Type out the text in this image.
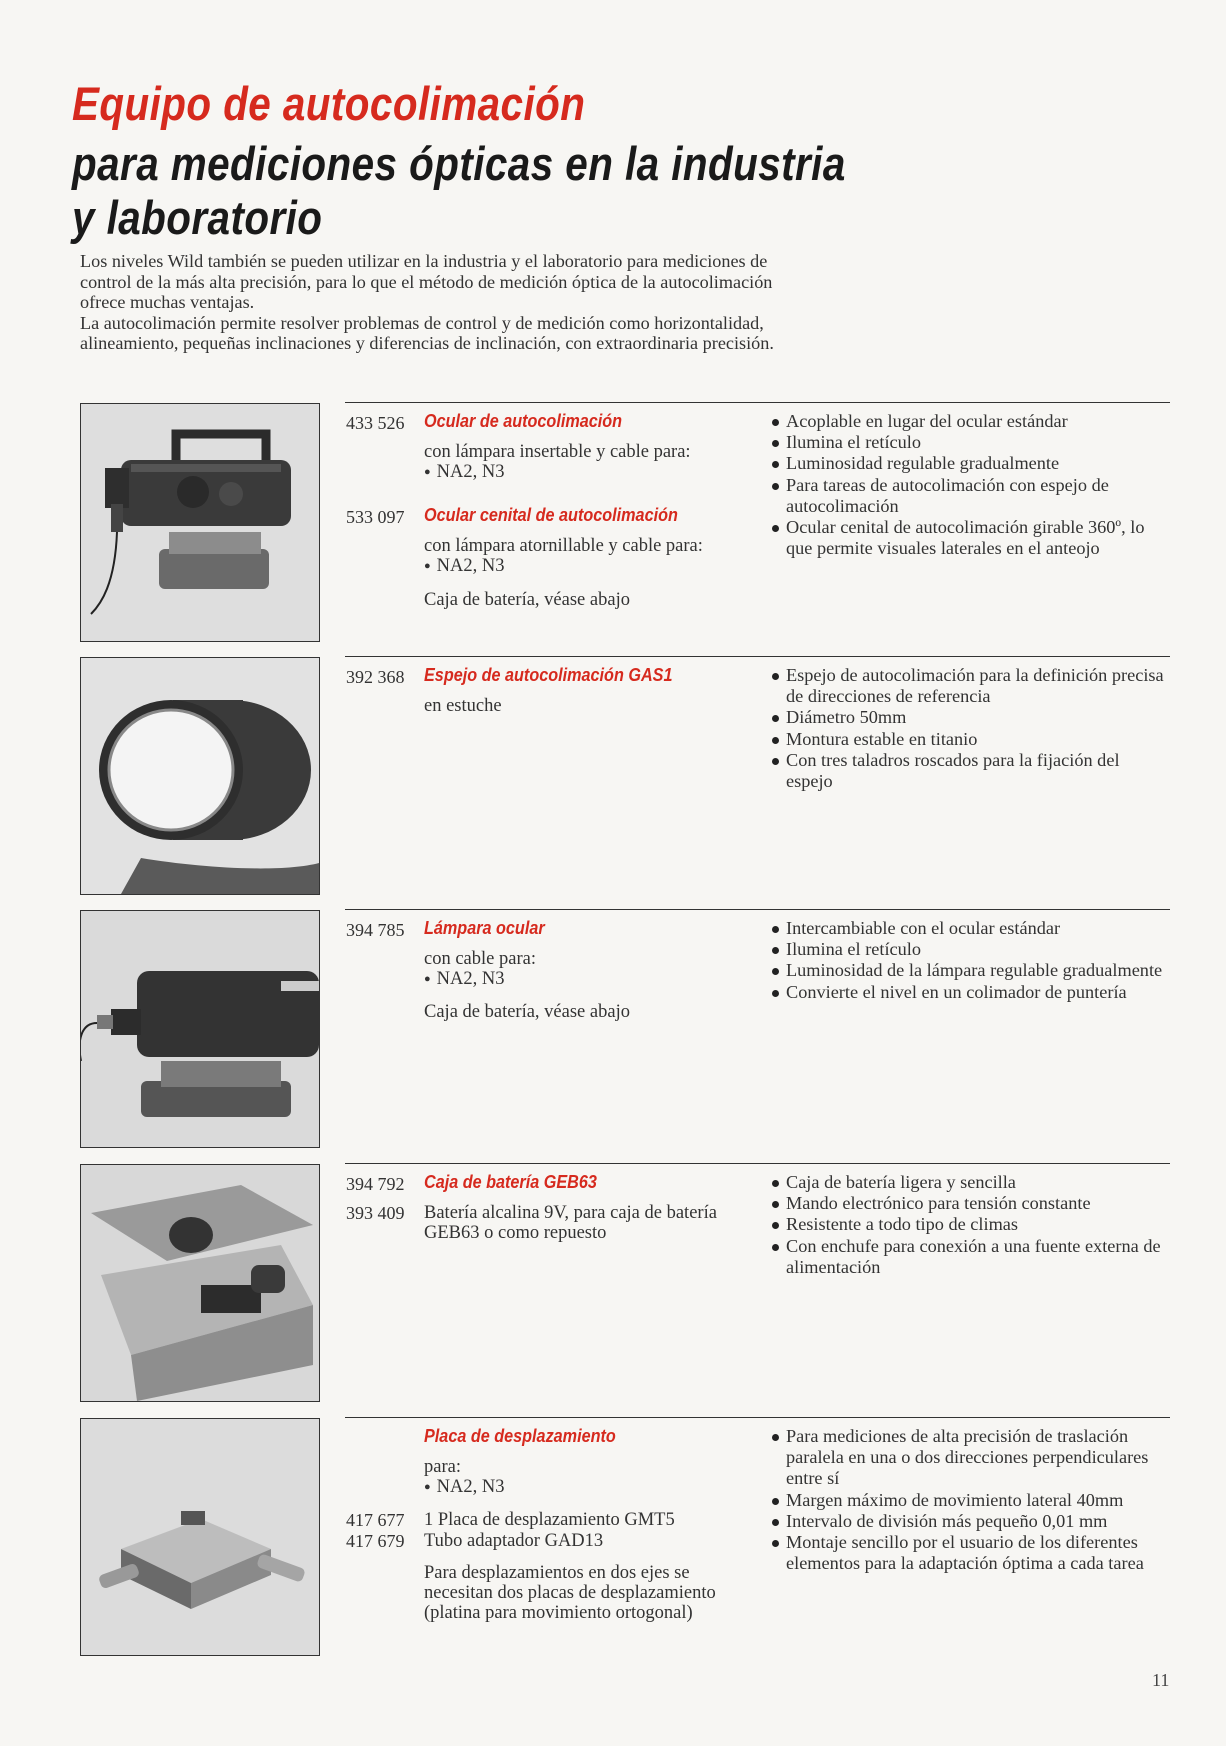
Equipo de autocolimación
para mediciones ópticas en la industria
y laboratorio

Los niveles Wild también se pueden utilizar en la industria y el laboratorio para mediciones de control de la más alta precisión, para lo que el método de medición óptica de la autocolimación ofrece muchas ventajas.

La autocolimación permite resolver problemas de control y de medición como horizontalidad, alineamiento, pequeñas inclinaciones y diferencias de inclinación, con extraordinaria precisión.

433 526 Ocular de autocolimación
con lámpara insertable y cable para:
● NA2, N3
533 097 Ocular cenital de autocolimación
con lámpara atornillable y cable para:
● NA2, N3
Caja de batería, véase abajo
Acoplable en lugar del ocular estándar
Ilumina el retículo
Luminosidad regulable gradualmente
Para tareas de autocolimación con espejo de autocolimación
Ocular cenital de autocolimación girable 360º, lo que permite visuales laterales en el anteojo
392 368 Espejo de autocolimación GAS1
en estuche
Espejo de autocolimación para la definición precisa de direcciones de referencia
Diámetro 50mm
Montura estable en titanio
Con tres taladros roscados para la fijación del espejo
394 785 Lámpara ocular
con cable para:
● NA2, N3
Caja de batería, véase abajo
Intercambiable con el ocular estándar
Ilumina el retículo
Luminosidad de la lámpara regulable gradualmente
Convierte el nivel en un colimador de puntería
394 792 Caja de batería GEB63
393 409 Batería alcalina 9V, para caja de batería GEB63 o como repuesto
Caja de batería ligera y sencilla
Mando electrónico para tensión constante
Resistente a todo tipo de climas
Con enchufe para conexión a una fuente externa de alimentación
Placa de desplazamiento
para:
● NA2, N3
417 677 1 Placa de desplazamiento GMT5
417 679 Tubo adaptador GAD13
Para desplazamientos en dos ejes se necesitan dos placas de desplazamiento (platina para movimiento ortogonal)
Para mediciones de alta precisión de traslación paralela en una o dos direcciones perpendiculares entre sí
Margen máximo de movimiento lateral 40mm
Intervalo de división más pequeño 0,01 mm
Montaje sencillo por el usuario de los diferentes elementos para la adaptación óptima a cada tarea
11
